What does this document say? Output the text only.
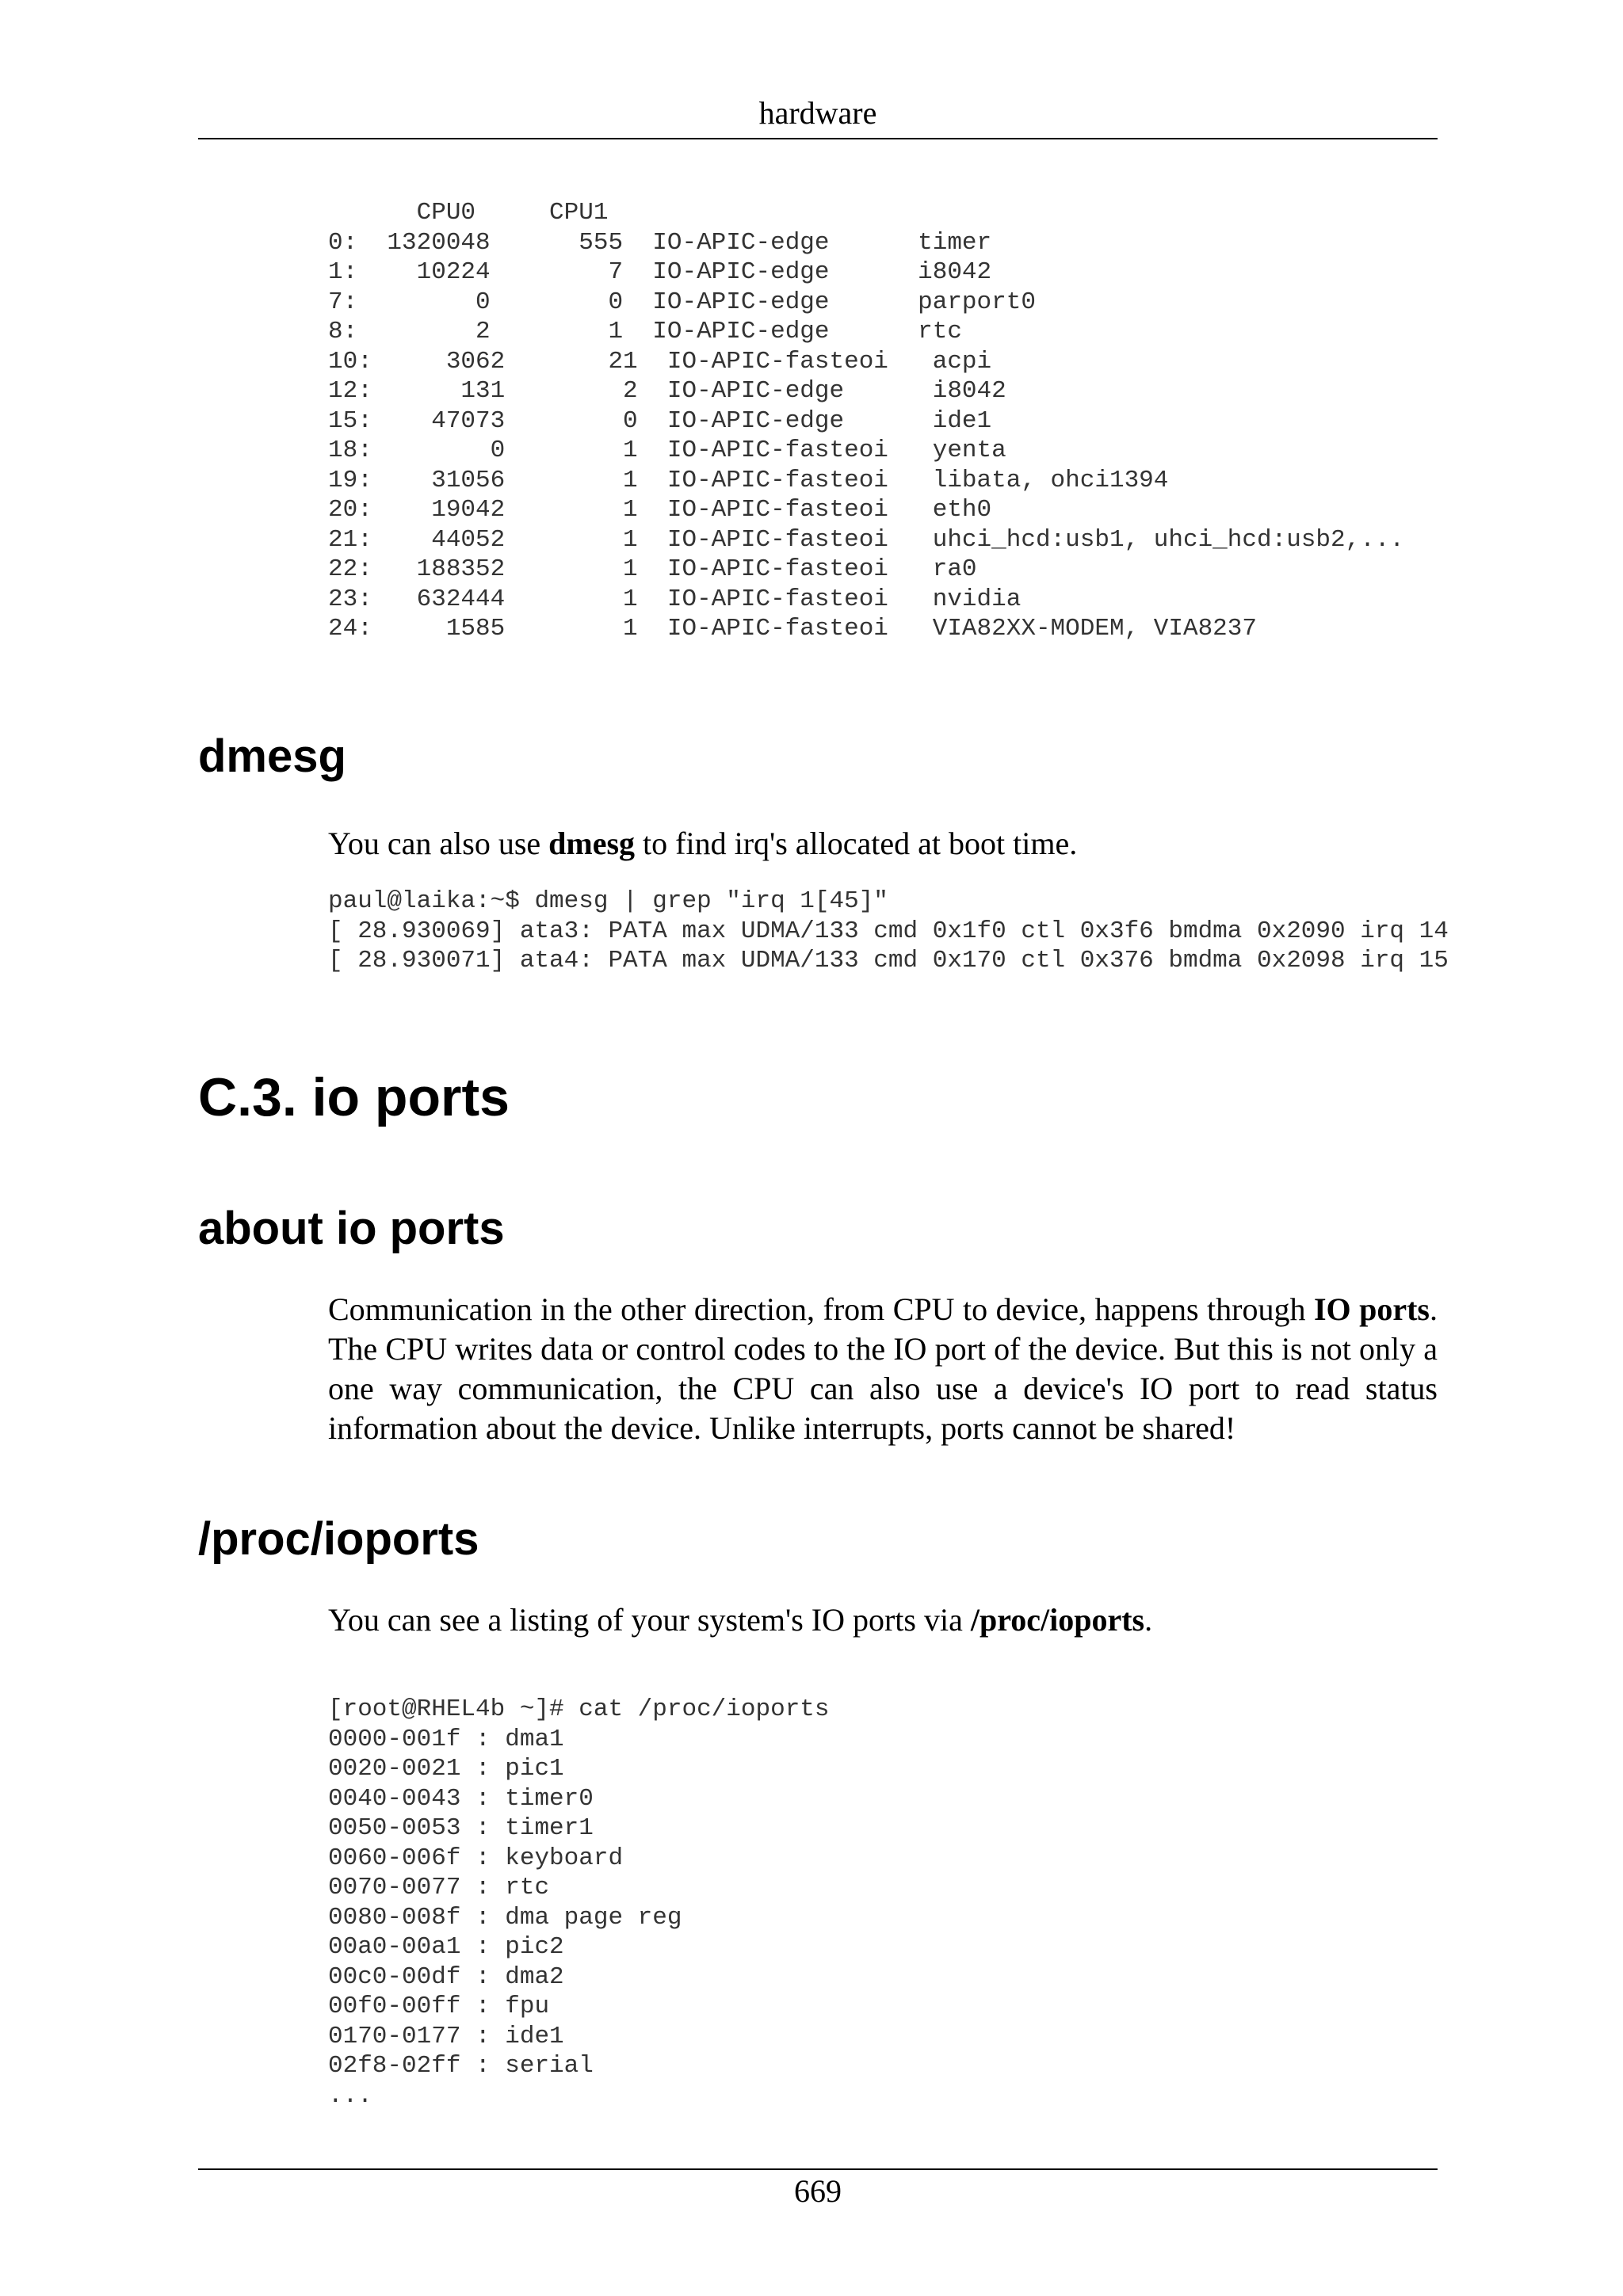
hardware
CPU0     CPU1
0:  1320048      555  IO-APIC-edge      timer
1:    10224        7  IO-APIC-edge      i8042
7:        0        0  IO-APIC-edge      parport0
8:        2        1  IO-APIC-edge      rtc
10:     3062       21  IO-APIC-fasteoi   acpi
12:      131        2  IO-APIC-edge      i8042
15:    47073        0  IO-APIC-edge      ide1
18:        0        1  IO-APIC-fasteoi   yenta
19:    31056        1  IO-APIC-fasteoi   libata, ohci1394
20:    19042        1  IO-APIC-fasteoi   eth0
21:    44052        1  IO-APIC-fasteoi   uhci_hcd:usb1, uhci_hcd:usb2,...
22:   188352        1  IO-APIC-fasteoi   ra0
23:   632444        1  IO-APIC-fasteoi   nvidia
24:     1585        1  IO-APIC-fasteoi   VIA82XX-MODEM, VIA8237
dmesg

You can also use dmesg to find irq's allocated at boot time.

paul@laika:~$ dmesg | grep "irq 1[45]"
[ 28.930069] ata3: PATA max UDMA/133 cmd 0x1f0 ctl 0x3f6 bmdma 0x2090 irq 14
[ 28.930071] ata4: PATA max UDMA/133 cmd 0x170 ctl 0x376 bmdma 0x2098 irq 15
C.3. io ports
about io ports

Communication in the other direction, from CPU to device, happens through IO ports. The CPU writes data or control codes to the IO port of the device. But this is not only a one way communication, the CPU can also use a device's IO port to read status information about the device. Unlike interrupts, ports cannot be shared!

/proc/ioports

You can see a listing of your system's IO ports via /proc/ioports.

[root@RHEL4b ~]# cat /proc/ioports
0000-001f : dma1
0020-0021 : pic1
0040-0043 : timer0
0050-0053 : timer1
0060-006f : keyboard
0070-0077 : rtc
0080-008f : dma page reg
00a0-00a1 : pic2
00c0-00df : dma2
00f0-00ff : fpu
0170-0177 : ide1
02f8-02ff : serial
...
669
